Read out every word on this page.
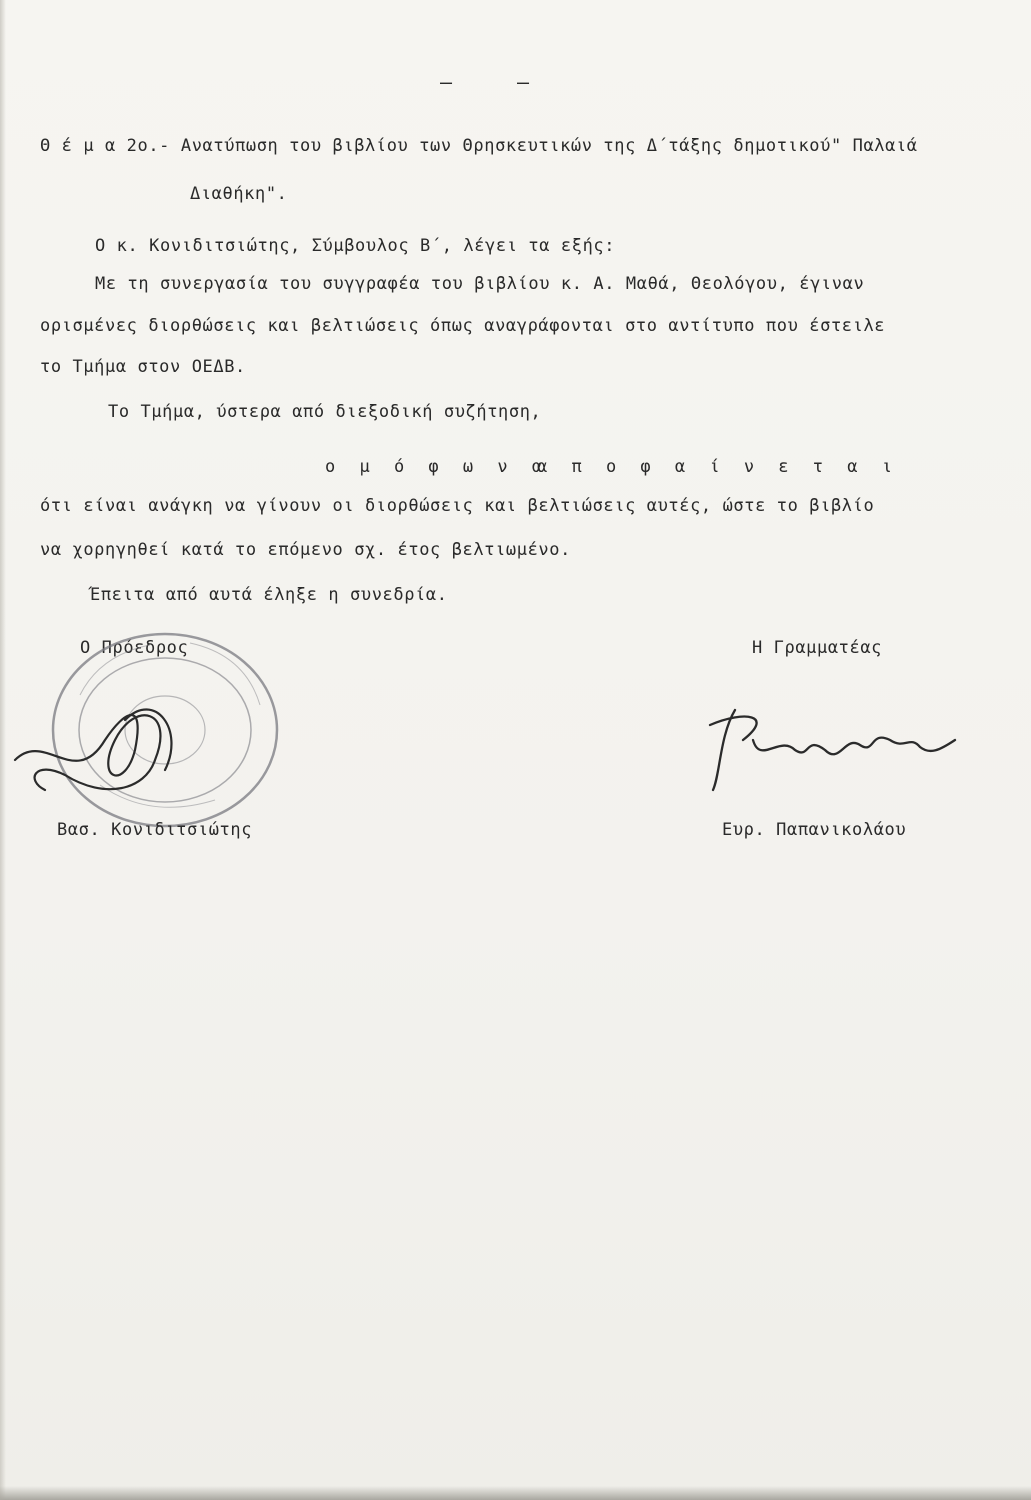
–	–
Θ έ μ α 2ο.- Ανατύπωση του βιβλίου των Θρησκευτικών της Δ΄τάξης δημοτικού" Παλαιά
Διαθήκη".
Ο κ. Κονιδιτσιώτης, Σύμβουλος Β΄, λέγει τα εξής:
Με τη συνεργασία του συγγραφέα του βιβλίου κ. Α. Μαθά, Θεολόγου, έγιναν
ορισμένες διορθώσεις και βελτιώσεις όπως αναγράφονται στο αντίτυπο που έστειλε
το Τμήμα στον ΟΕΔΒ.
Το Τμήμα, ύστερα από διεξοδική συζήτηση,
ο μ ό φ ω ν α
α π ο φ α ί ν ε τ α ι
ότι είναι ανάγκη να γίνουν οι διορθώσεις και βελτιώσεις αυτές, ώστε το βιβλίο
να χορηγηθεί κατά το επόμενο σχ. έτος βελτιωμένο.
Έπειτα από αυτά έληξε η συνεδρία.
Ο Πρόεδρος	Η Γραμματέας
Βασ. Κονιδιτσιώτης	Ευρ. Παπανικολάου
